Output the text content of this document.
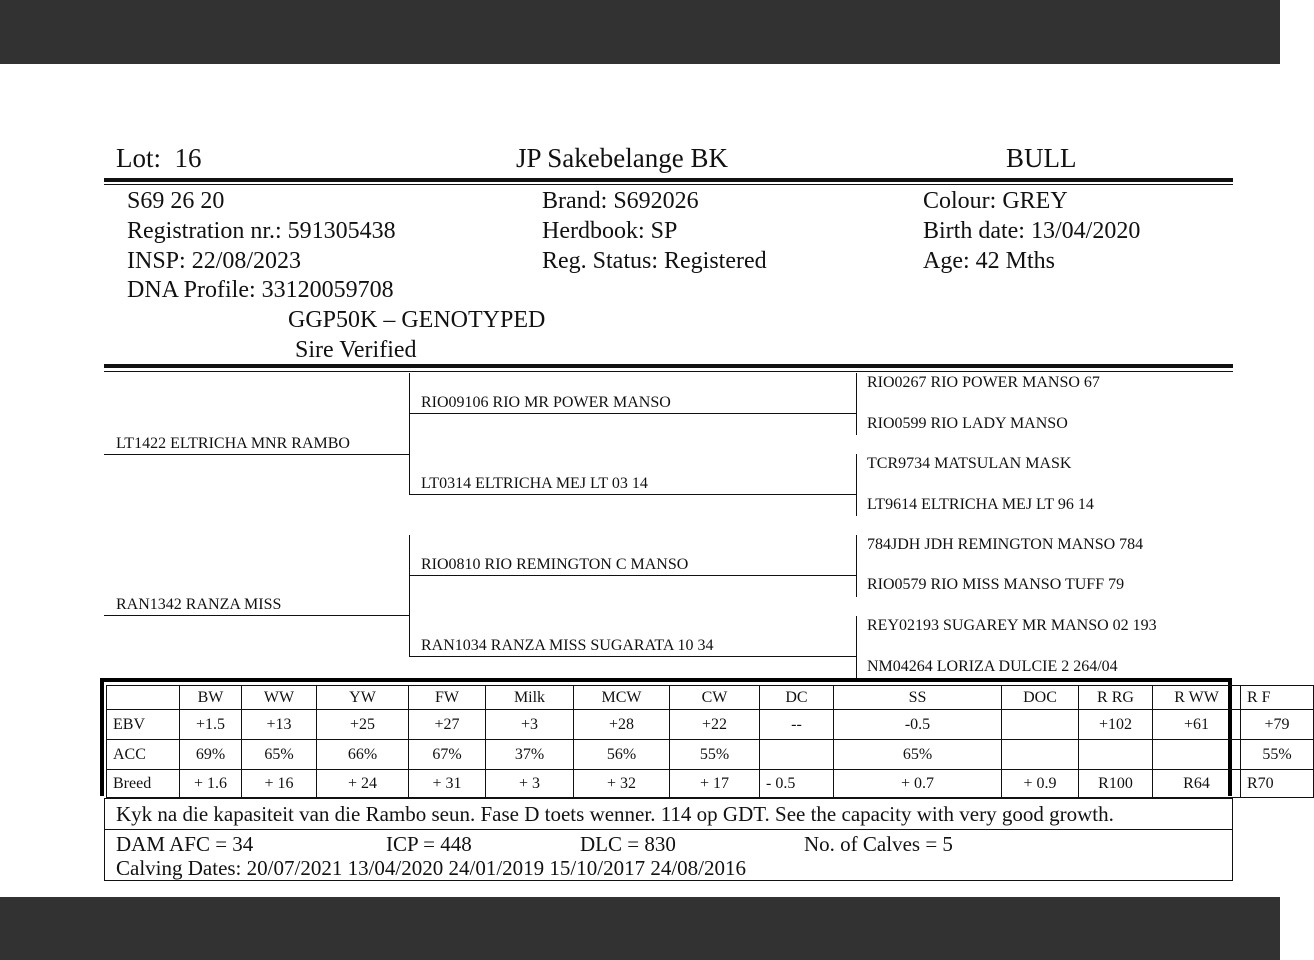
Lot: 16	JP Sakebelange BK	BULL
S69 26 20
Registration nr.: 591305438
INSP: 22/08/2023
DNA Profile: 33120059708
GGP50K – GENOTYPED
Sire Verified
Brand: S692026
Herdbook: SP
Reg. Status: Registered
Colour: GREY
Birth date: 13/04/2020
Age: 42 Mths
LT1422 ELTRICHA MNR RAMBO
RAN1342 RANZA MISS
RIO09106 RIO MR POWER MANSO
LT0314 ELTRICHA MEJ LT 03 14
RIO0810 RIO REMINGTON C MANSO
RAN1034 RANZA MISS SUGARATA 10 34
RIO0267 RIO POWER MANSO 67
RIO0599 RIO LADY MANSO
TCR9734 MATSULAN MASK
LT9614 ELTRICHA MEJ LT 96 14
784JDH JDH REMINGTON MANSO 784
RIO0579 RIO MISS MANSO TUFF 79
REY02193 SUGAREY MR MANSO 02 193
NM04264 LORIZA DULCIE 2 264/04
	BW	WW	YW	FW	Milk	MCW	CW	DC	SS	DOC	R RG	R WW	R F
EBV	+1.5	+13	+25	+27	+3	+28	+22	--	-0.5		+102	+61	+79
ACC	69%	65%	66%	67%	37%	56%	55%		65%				55%
Breed	+ 1.6	+ 16	+ 24	+ 31	+ 3	+ 32	+ 17	- 0.5	+ 0.7	+ 0.9	R100	R64	R70
Kyk na die kapasiteit van die Rambo seun. Fase D toets wenner. 114 op GDT. See the capacity with very good growth.
DAM AFC = 34	ICP = 448	DLC = 830	No. of Calves = 5
Calving Dates: 20/07/2021 13/04/2020 24/01/2019 15/10/2017 24/08/2016
